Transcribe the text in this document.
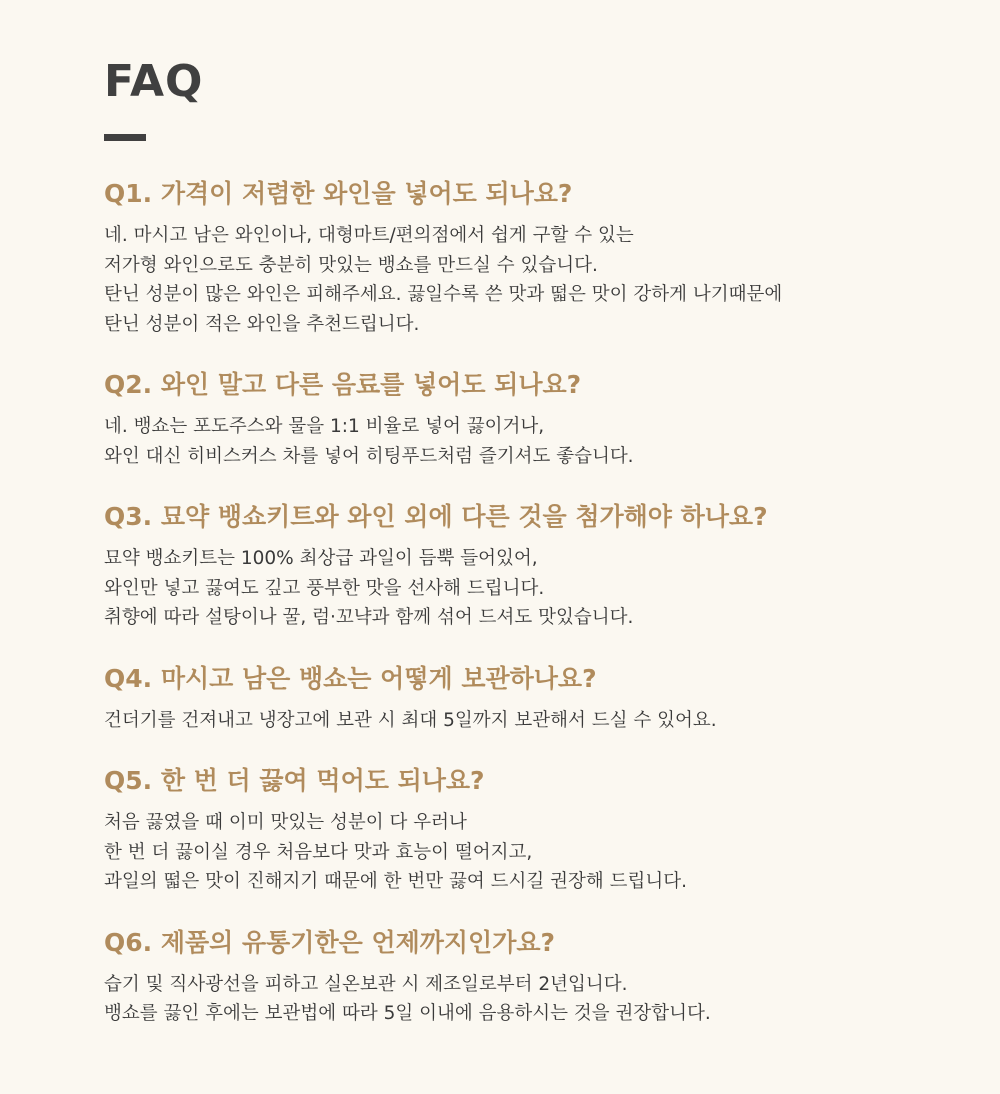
FAQ

Q1. 가격이 저렴한 와인을 넣어도 되나요?

네. 마시고 남은 와인이나, 대형마트/편의점에서 쉽게 구할 수 있는

저가형 와인으로도 충분히 맛있는 뱅쇼를 만드실 수 있습니다.

탄닌 성분이 많은 와인은 피해주세요. 끓일수록 쓴 맛과 떫은 맛이 강하게 나기때문에

탄닌 성분이 적은 와인을 추천드립니다.

Q2. 와인 말고 다른 음료를 넣어도 되나요?

네. 뱅쇼는 포도주스와 물을 1:1 비율로 넣어 끓이거나,

와인 대신 히비스커스 차를 넣어 히팅푸드처럼 즐기셔도 좋습니다.

Q3. 묘약 뱅쇼키트와 와인 외에 다른 것을 첨가해야 하나요?

묘약 뱅쇼키트는 100% 최상급 과일이 듬뿍 들어있어,

와인만 넣고 끓여도 깊고 풍부한 맛을 선사해 드립니다.

취향에 따라 설탕이나 꿀, 럼·꼬냑과 함께 섞어 드셔도 맛있습니다.

Q4. 마시고 남은 뱅쇼는 어떻게 보관하나요?

건더기를 건져내고 냉장고에 보관 시 최대 5일까지 보관해서 드실 수 있어요.

Q5. 한 번 더 끓여 먹어도 되나요?

처음 끓였을 때 이미 맛있는 성분이 다 우러나

한 번 더 끓이실 경우 처음보다 맛과 효능이 떨어지고,

과일의 떫은 맛이 진해지기 때문에 한 번만 끓여 드시길 권장해 드립니다.

Q6. 제품의 유통기한은 언제까지인가요?

습기 및 직사광선을 피하고 실온보관 시 제조일로부터 2년입니다.

뱅쇼를 끓인 후에는 보관법에 따라 5일 이내에 음용하시는 것을 권장합니다.
